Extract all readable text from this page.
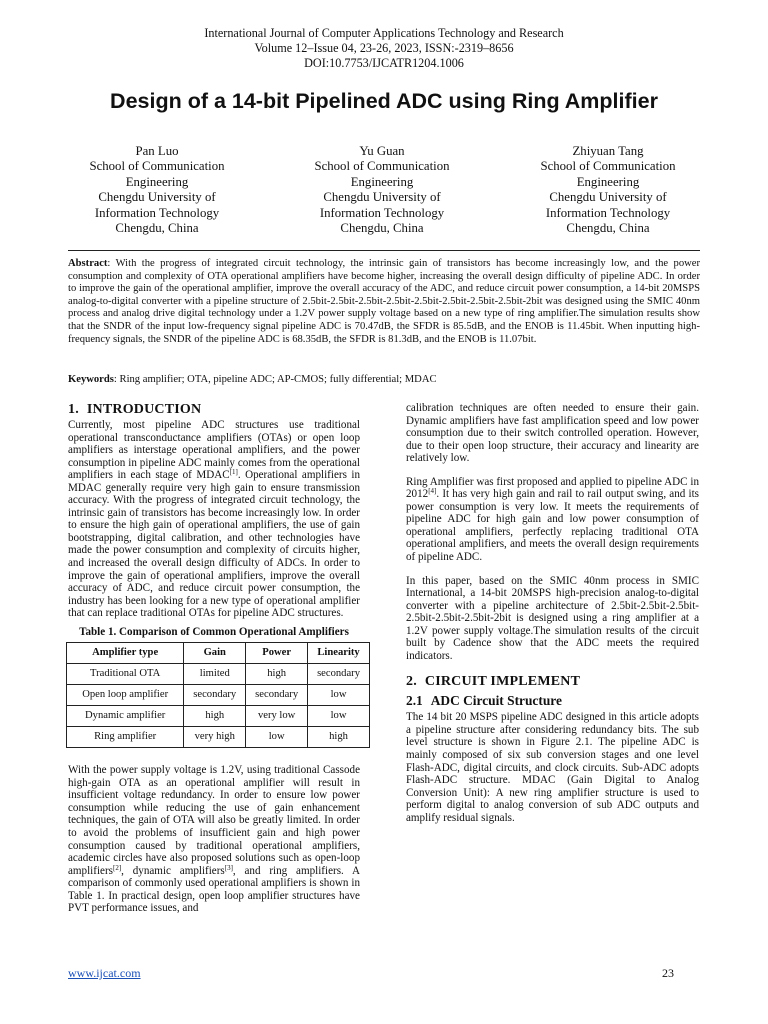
International Journal of Computer Applications Technology and Research
Volume 12–Issue 04, 23-26, 2023, ISSN:-2319–8656
DOI:10.7753/IJCATR1204.1006
Design of a 14-bit Pipelined ADC using Ring Amplifier
Pan Luo
School of Communication
Engineering
Chengdu University of
Information Technology
Chengdu, China
Yu Guan
School of Communication
Engineering
Chengdu University of
Information Technology
Chengdu, China
Zhiyuan Tang
School of Communication
Engineering
Chengdu University of
Information Technology
Chengdu, China
Abstract: With the progress of integrated circuit technology, the intrinsic gain of transistors has become increasingly low, and the power consumption and complexity of OTA operational amplifiers have become higher, increasing the overall design difficulty of pipeline ADC. In order to improve the gain of the operational amplifier, improve the overall accuracy of the ADC, and reduce circuit power consumption, a 14-bit 20MSPS analog-to-digital converter with a pipeline structure of 2.5bit-2.5bit-2.5bit-2.5bit-2.5bit-2.5bit-2.5bit-2.5bit-2bit was designed using the SMIC 40nm process and analog drive digital technology under a 1.2V power supply voltage based on a new type of ring amplifier.The simulation results show that the SNDR of the input low-frequency signal pipeline ADC is 70.47dB, the SFDR is 85.5dB, and the ENOB is 11.45bit. When inputting high-frequency signals, the SNDR of the pipeline ADC is 68.35dB, the SFDR is 81.3dB, and the ENOB is 11.07bit.
Keywords: Ring amplifier; OTA, pipeline ADC; AP-CMOS; fully differential; MDAC
1. INTRODUCTION

Currently, most pipeline ADC structures use traditional operational transconductance amplifiers (OTAs) or open loop amplifiers as interstage operational amplifiers, and the power consumption in pipeline ADC mainly comes from the operational amplifiers in each stage of MDAC[1]. Operational amplifiers in MDAC generally require very high gain to ensure transmission accuracy. With the progress of integrated circuit technology, the intrinsic gain of transistors has become increasingly low. In order to ensure the high gain of operational amplifiers, the use of gain bootstrapping, digital calibration, and other technologies have made the power consumption and complexity of circuits higher, and increased the overall design difficulty of ADCs. In order to improve the gain of operational amplifiers, improve the overall accuracy of ADC, and reduce circuit power consumption, the industry has been looking for a new type of operational amplifier that can replace traditional OTAs for pipeline ADC structures.

Table 1. Comparison of Common Operational Amplifiers
Amplifier type	Gain	Power	Linearity
Traditional OTA	limited	high	secondary
Open loop amplifier	secondary	secondary	low
Dynamic amplifier	high	very low	low
Ring amplifier	very high	low	high

With the power supply voltage is 1.2V, using traditional Cassode high-gain OTA as an operational amplifier will result in insufficient voltage redundancy. In order to ensure low power consumption while reducing the use of gain enhancement techniques, the gain of OTA will also be greatly limited. In order to avoid the problems of insufficient gain and high power consumption caused by traditional operational amplifiers, academic circles have also proposed solutions such as open-loop amplifiers[2], dynamic amplifiers[3], and ring amplifiers. A comparison of commonly used operational amplifiers is shown in Table 1. In practical design, open loop amplifier structures have PVT performance issues, and

calibration techniques are often needed to ensure their gain. Dynamic amplifiers have fast amplification speed and low power consumption due to their switch controlled operation. However, due to their open loop structure, their accuracy and linearity are relatively low.

Ring Amplifier was first proposed and applied to pipeline ADC in 2012[4]. It has very high gain and rail to rail output swing, and its power consumption is very low. It meets the requirements of pipeline ADC for high gain and low power consumption of operational amplifiers, perfectly replacing traditional OTA operational amplifiers, and meets the overall design requirements of pipeline ADC.

In this paper, based on the SMIC 40nm process in SMIC International, a 14-bit 20MSPS high-precision analog-to-digital converter with a pipeline architecture of 2.5bit-2.5bit-2.5bit-2.5bit-2.5bit-2.5bit-2bit is designed using a ring amplifier at a 1.2V power supply voltage.The simulation results of the circuit built by Cadence show that the ADC meets the required indicators.

2. CIRCUIT IMPLEMENT
2.1 ADC Circuit Structure

The 14 bit 20 MSPS pipeline ADC designed in this article adopts a pipeline structure after considering redundancy bits. The sub level structure is shown in Figure 2.1. The pipeline ADC is mainly composed of six sub conversion stages and one level Flash-ADC, digital circuits, and clock circuits. Sub-ADC adopts Flash-ADC structure. MDAC (Gain Digital to Analog Conversion Unit): A new ring amplifier structure is used to perform digital to analog conversion of sub ADC outputs and amplify residual signals.

www.ijcat.com	23
